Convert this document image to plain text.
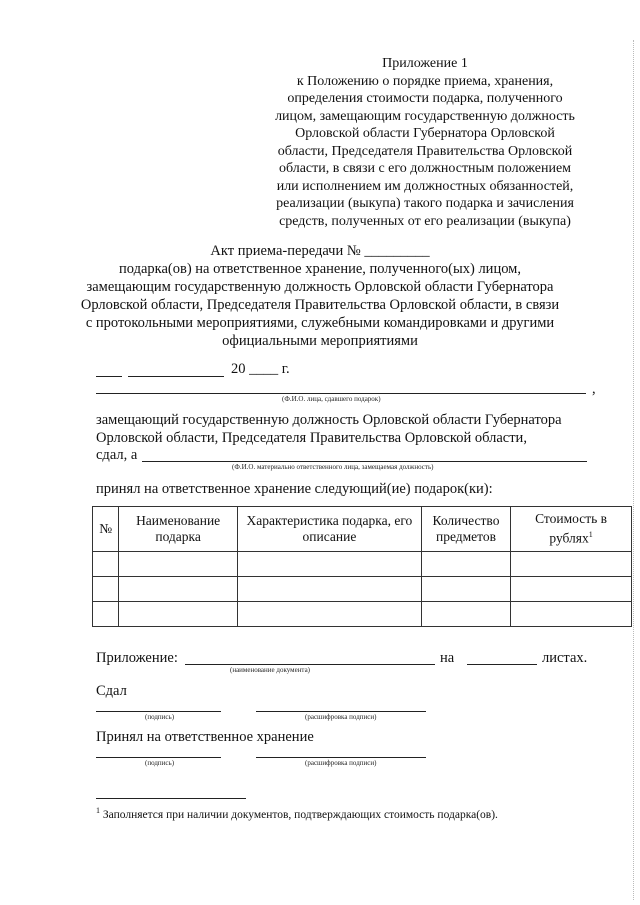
Приложение 1
к Положению о порядке приема, хранения,
определения стоимости подарка, полученного
лицом, замещающим государственную должность
Орловской области Губернатора Орловской
области, Председателя Правительства Орловской
области, в связи с его должностным положением
или исполнением им должностных обязанностей,
реализации (выкупа) такого подарка и зачисления
средств, полученных от его реализации (выкупа)
Акт приема-передачи № _________
подарка(ов) на ответственное хранение, полученного(ых) лицом,
замещающим государственную должность Орловской области Губернатора
Орловской области, Председателя Правительства Орловской области, в связи
с протокольными мероприятиями, служебными командировками и другими
официальными мероприятиями
20 ____ г.
,
(Ф.И.О. лица, сдавшего подарок)
замещающий государственную должность Орловской области Губернатора
Орловской области, Председателя Правительства Орловской области,
сдал, а
(Ф.И.О. материально ответственного лица, замещаемая должность)
принял на ответственное хранение следующий(ие) подарок(ки):
№	Наименование подарка	Характеристика подарка, его описание	Количество предметов	Стоимость в рублях$^1$

Приложение:
(наименование документа)
на	листах.
Сдал
(подпись)	(расшифровка подписи)
Принял на ответственное хранение
(подпись)	(расшифровка подписи)
$^1$ Заполняется при наличии документов, подтверждающих стоимость подарка(ов).
